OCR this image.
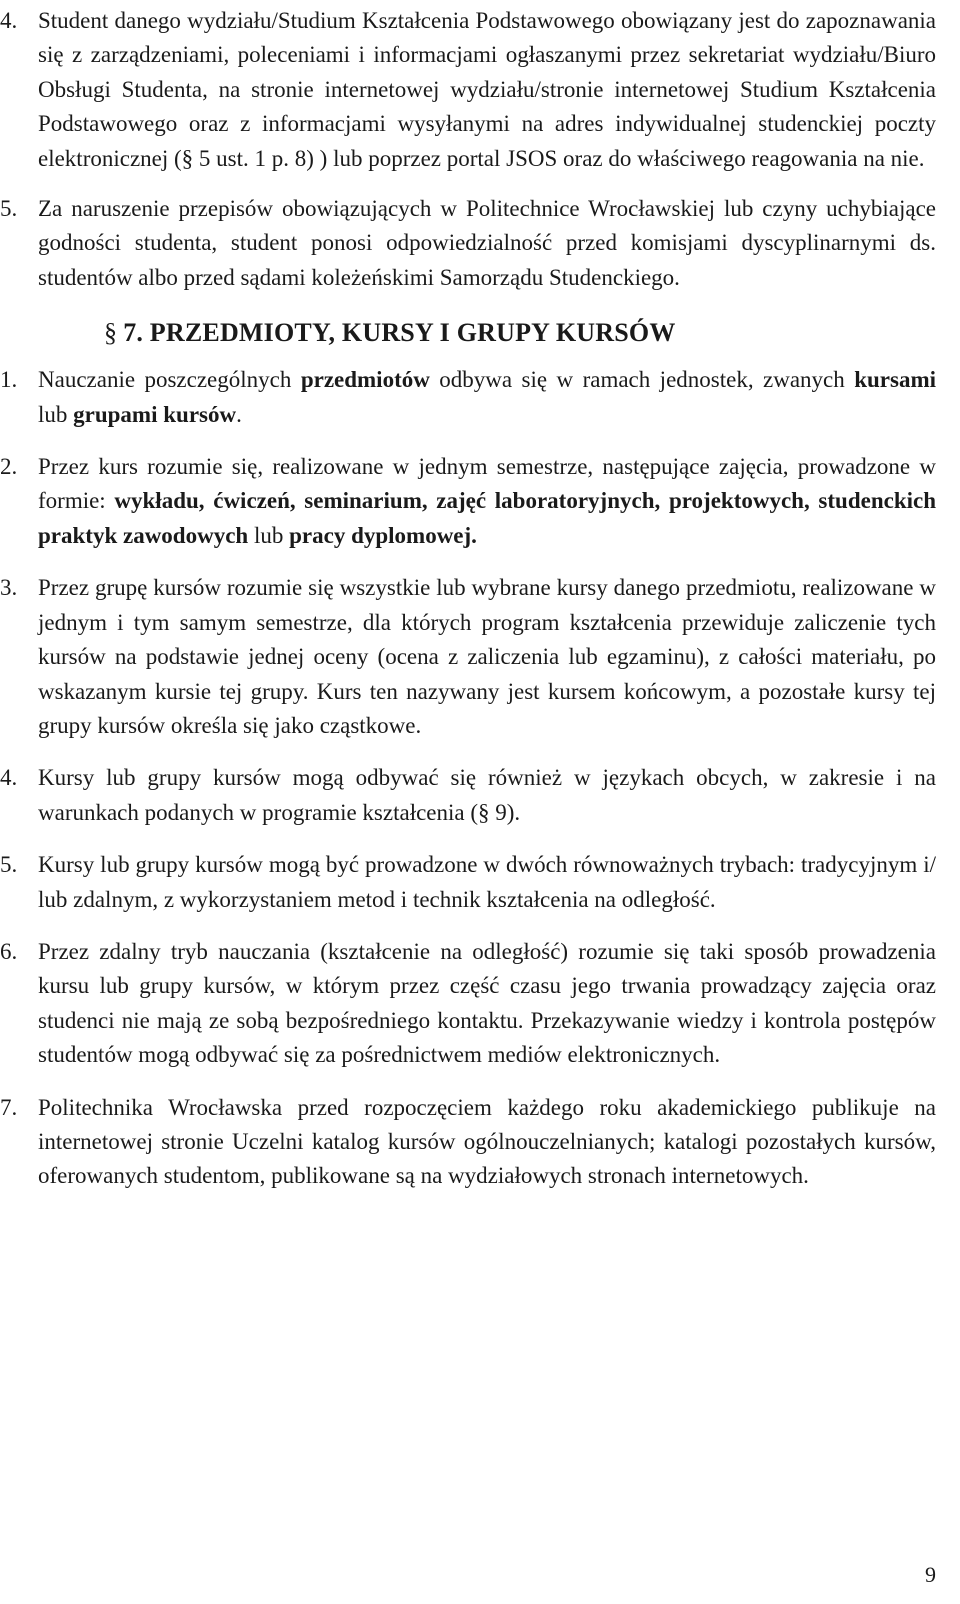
4. Student danego wydziału/Studium Kształcenia Podstawowego obowiązany jest do zapoznawania się z zarządzeniami, poleceniami i informacjami ogłaszanymi przez sekretariat wydziału/Biuro Obsługi Studenta, na stronie internetowej wydziału/stronie internetowej Studium Kształcenia Podstawowego oraz z informacjami wysyłanymi na adres indywidualnej studenckiej poczty elektronicznej (§ 5 ust. 1 p. 8) ) lub poprzez portal JSOS oraz do właściwego reagowania na nie.

5. Za naruszenie przepisów obowiązujących w Politechnice Wrocławskiej lub czyny uchybiające godności studenta, student ponosi odpowiedzialność przed komisjami dyscyplinarnymi ds. studentów albo przed sądami koleżeńskimi Samorządu Studenckiego.

§ 7. PRZEDMIOTY, KURSY I GRUPY KURSÓW

1. Nauczanie poszczególnych przedmiotów odbywa się w ramach jednostek, zwanych kursami lub grupami kursów.

2. Przez kurs rozumie się, realizowane w jednym semestrze, następujące zajęcia, prowadzone w formie: wykładu, ćwiczeń, seminarium, zajęć laboratoryjnych, projektowych, studenckich praktyk zawodowych lub pracy dyplomowej.

3. Przez grupę kursów rozumie się wszystkie lub wybrane kursy danego przedmiotu, realizowane w jednym i tym samym semestrze, dla których program kształcenia przewiduje zaliczenie tych kursów na podstawie jednej oceny (ocena z zaliczenia lub egzaminu), z całości materiału, po wskazanym kursie tej grupy. Kurs ten nazywany jest kursem końcowym, a pozostałe kursy tej grupy kursów określa się jako cząstkowe.

4. Kursy lub grupy kursów mogą odbywać się również w językach obcych, w zakresie i na warunkach podanych w programie kształcenia (§ 9).

5. Kursy lub grupy kursów mogą być prowadzone w dwóch równoważnych trybach: tradycyjnym i/ lub zdalnym, z wykorzystaniem metod i technik kształcenia na odległość.

6. Przez zdalny tryb nauczania (kształcenie na odległość) rozumie się taki sposób prowadzenia kursu lub grupy kursów, w którym przez część czasu jego trwania prowadzący zajęcia oraz studenci nie mają ze sobą bezpośredniego kontaktu. Przekazywanie wiedzy i kontrola postępów studentów mogą odbywać się za pośrednictwem mediów elektronicznych.

7. Politechnika Wrocławska przed rozpoczęciem każdego roku akademickiego publikuje na internetowej stronie Uczelni katalog kursów ogólnouczelnianych; katalogi pozostałych kursów, oferowanych studentom, publikowane są na wydziałowych stronach internetowych.

9
